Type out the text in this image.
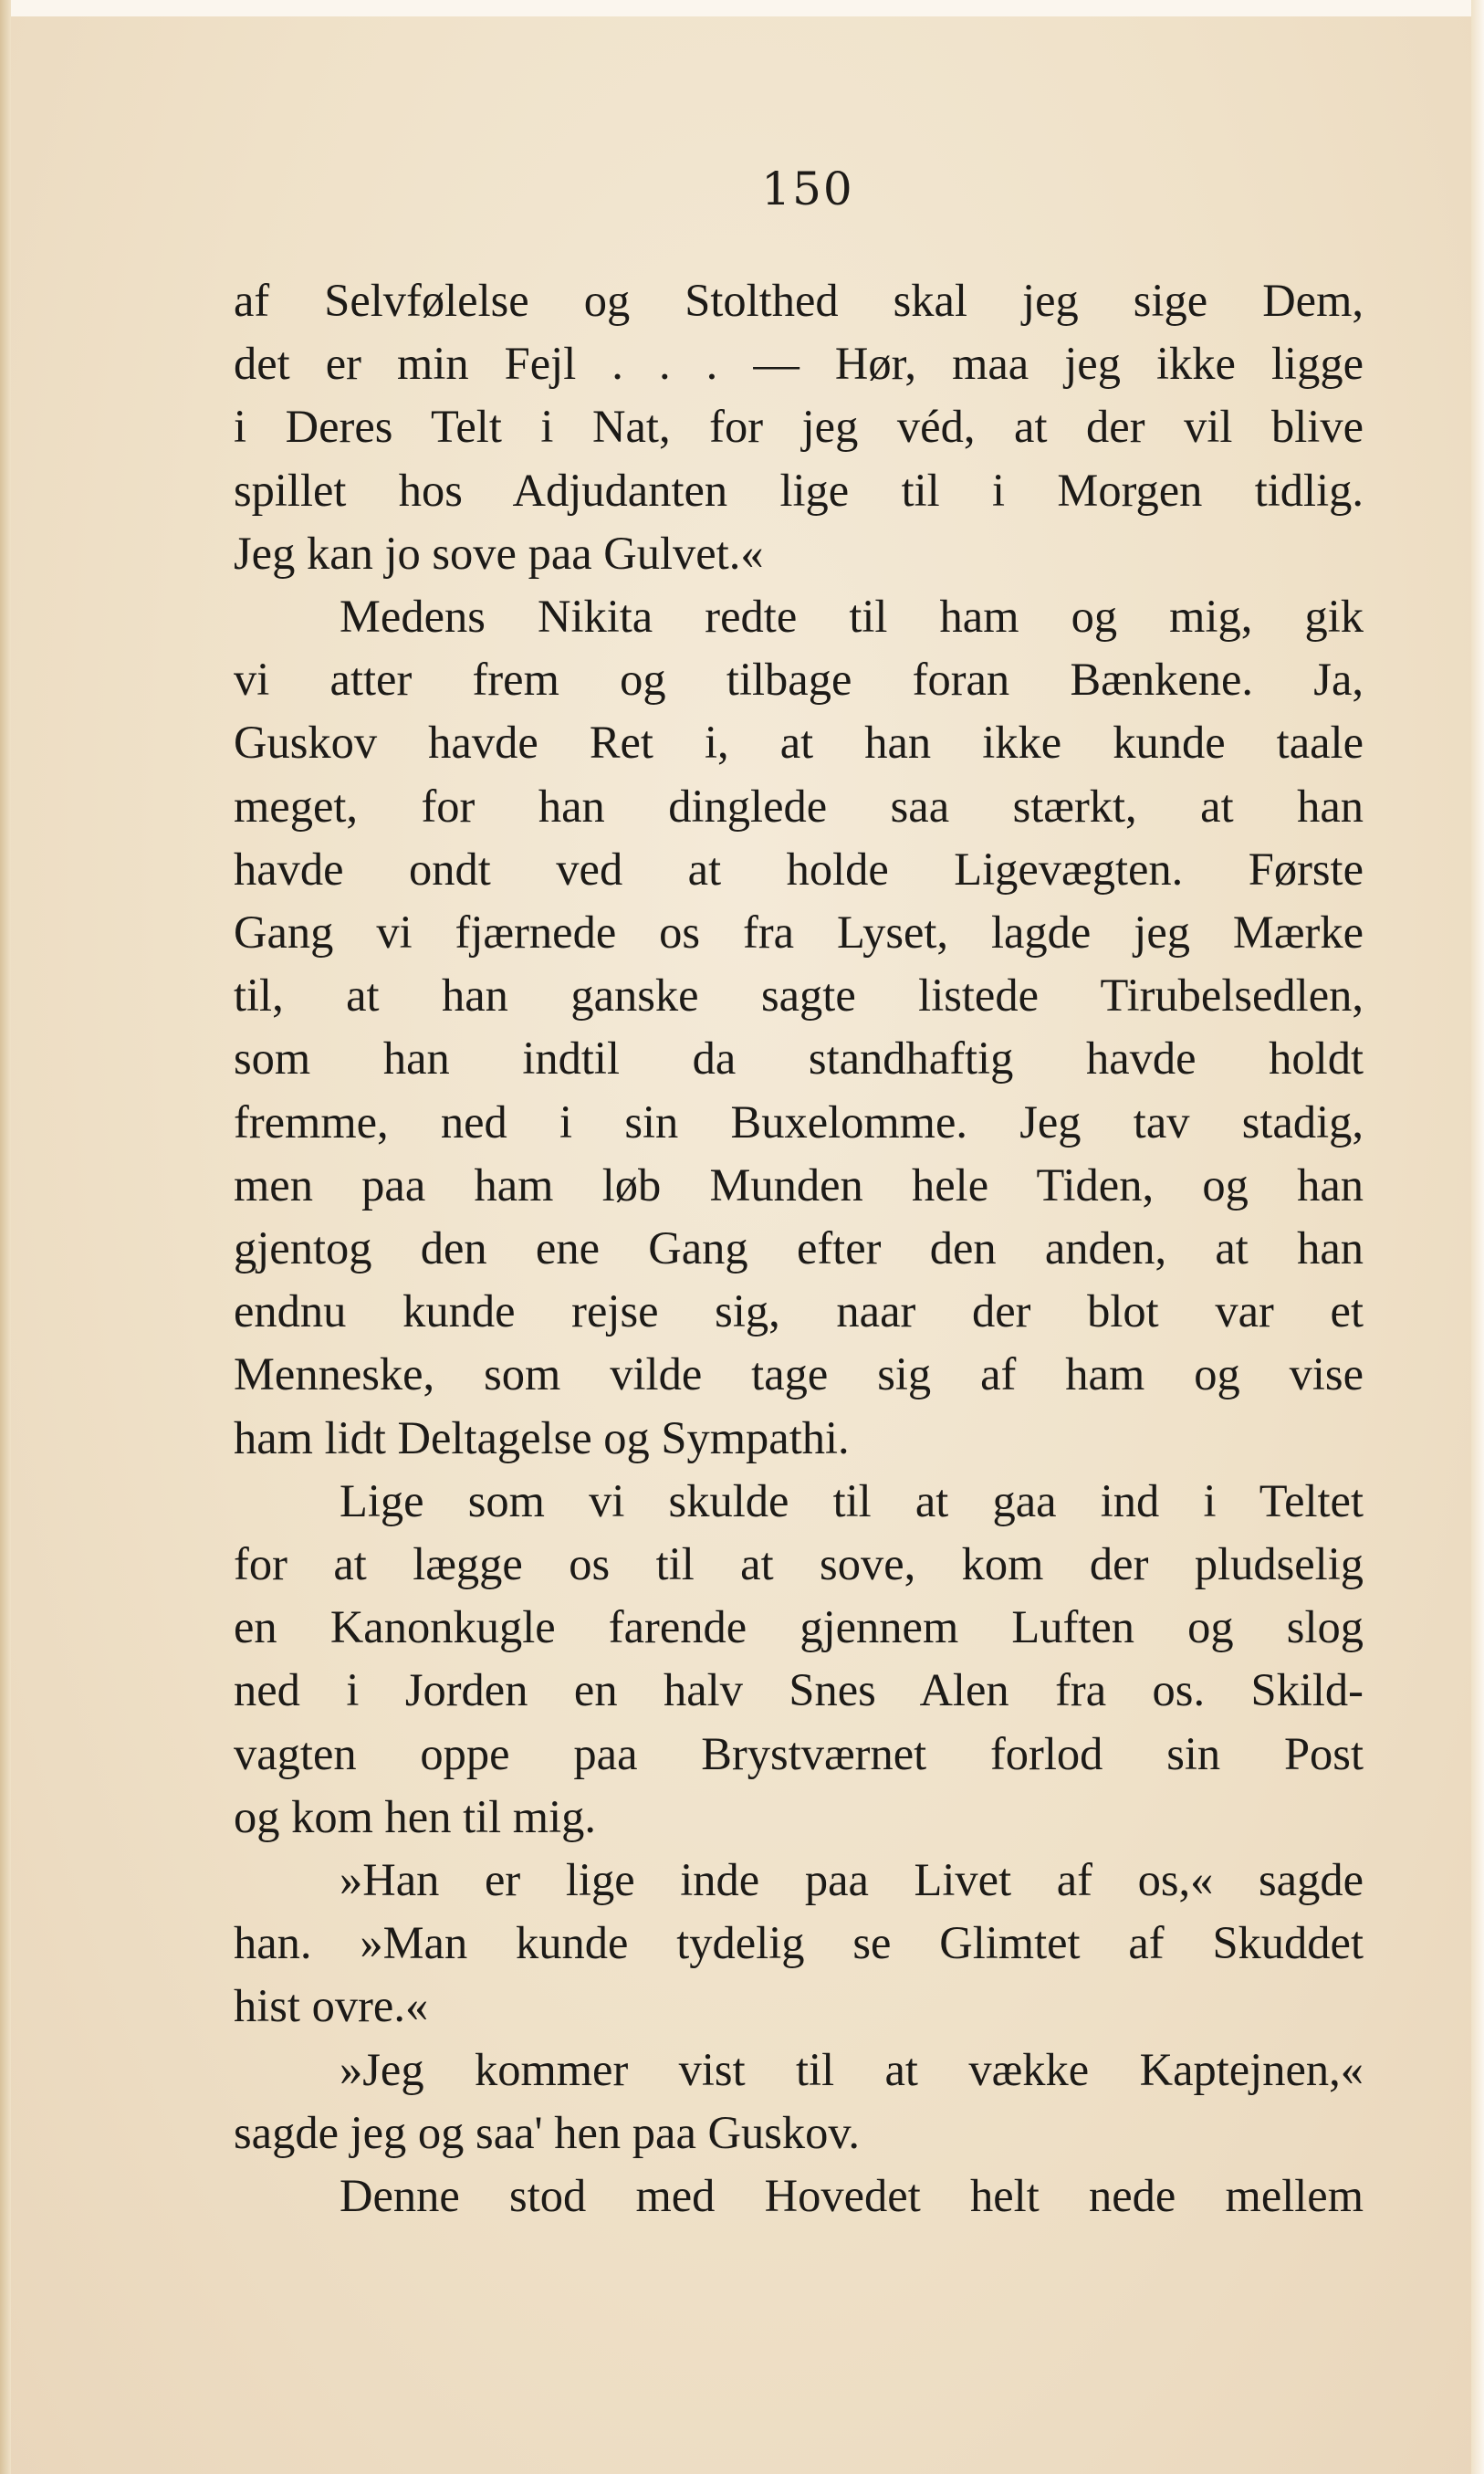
150

af Selvfølelse og Stolthed skal jeg sige Dem,

det er min Fejl . . . — Hør, maa jeg ikke ligge

i Deres Telt i Nat, for jeg véd, at der vil blive

spillet hos Adjudanten lige til i Morgen tidlig.

Jeg kan jo sove paa Gulvet.«

Medens Nikita redte til ham og mig, gik

vi atter frem og tilbage foran Bænkene. Ja,

Guskov havde Ret i, at han ikke kunde taale

meget, for han dinglede saa stærkt, at han

havde ondt ved at holde Ligevægten. Første

Gang vi fjærnede os fra Lyset, lagde jeg Mærke

til, at han ganske sagte listede Tirubelsedlen,

som han indtil da standhaftig havde holdt

fremme, ned i sin Buxelomme. Jeg tav stadig,

men paa ham løb Munden hele Tiden, og han

gjentog den ene Gang efter den anden, at han

endnu kunde rejse sig, naar der blot var et

Menneske, som vilde tage sig af ham og vise

ham lidt Deltagelse og Sympathi.

Lige som vi skulde til at gaa ind i Teltet

for at lægge os til at sove, kom der pludselig

en Kanonkugle farende gjennem Luften og slog

ned i Jorden en halv Snes Alen fra os. Skild-

vagten oppe paa Brystværnet forlod sin Post

og kom hen til mig.

»Han er lige inde paa Livet af os,« sagde

han. »Man kunde tydelig se Glimtet af Skuddet

hist ovre.«

»Jeg kommer vist til at vække Kaptejnen,«

sagde jeg og saa' hen paa Guskov.

Denne stod med Hovedet helt nede mellem
